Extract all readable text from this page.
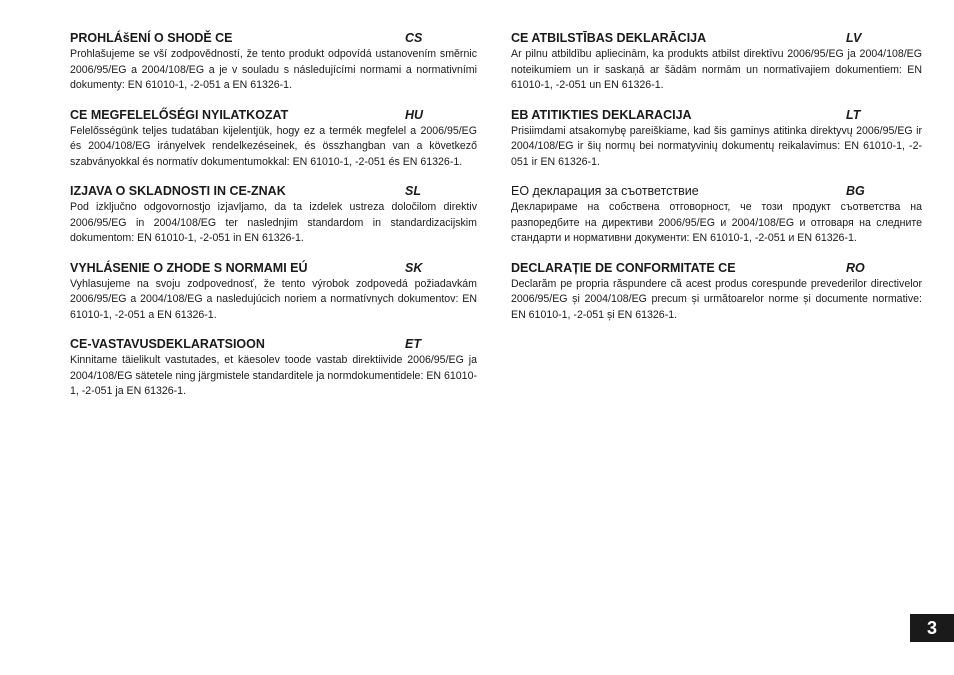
PROHLÁšENÍ O SHODĚ CE	CS

Prohlašujeme se vší zodpovědností, že tento produkt odpovídá ustanovením směrnic 2006/95/EG a 2004/108/EG a je v souladu s následujícími normami a normativními dokumenty: EN 61010-1, -2-051 a EN 61326-1.

CE MEGFELELŐSÉGI NYILATKOZAT	HU

Felelősségünk teljes tudatában kijelentjük, hogy ez a termék megfelel a 2006/95/EG és 2004/108/EG irányelvek rendelkezéseinek, és összhangban van a következő szabványokkal és normatív dokumentumokkal: EN 61010-1, -2-051 és EN 61326-1.

IZJAVA O SKLADNOSTI IN CE-ZNAK	SL

Pod izključno odgovornostjo izjavljamo, da ta izdelek ustreza določilom direktiv 2006/95/EG in 2004/108/EG ter naslednjim standardom in standardizacijskim dokumentom: EN 61010-1, -2-051 in EN 61326-1.

VYHLÁSENIE O ZHODE S NORMAMI EÚ	SK

Vyhlasujeme na svoju zodpovednosť, že tento výrobok zodpovedá požiadavkám 2006/95/EG a 2004/108/EG a nasledujúcich noriem a normatívnych dokumentov: EN 61010-1, -2-051 a EN 61326-1.

CE-VASTAVUSDEKLARATSIOON	ET

Kinnitame täielikult vastutades, et käesolev toode vastab direktiivide 2006/95/EG ja 2004/108/EG sätetele ning järgmistele standarditele ja normdokumentidele: EN 61010-1, -2-051 ja EN 61326-1.

CE ATBILSTĪBAS DEKLARĀCIJA	LV

Ar pilnu atbildību apliecinām, ka produkts atbilst direktīvu 2006/95/EG ja 2004/108/EG noteikumiem un ir saskaņā ar šādām normām un normatīvajiem dokumentiem: EN 61010-1, -2-051 un EN 61326-1.

EB ATITIKTIES DEKLARACIJA	LT

Prisiimdami atsakomybę pareiškiame, kad šis gaminys atitinka direktyvų 2006/95/EG ir 2004/108/EG ir šių normų bei normatyvinių dokumentų reikalavimus: EN 61010-1, -2-051 ir EN 61326-1.

ЕО декларация за съответствие	BG

Декларираме на собствена отговорност, че този продукт съответства на разпоредбите на директиви 2006/95/EG и 2004/108/EG и отговаря на следните стандарти и нормативни документи: EN 61010-1, -2-051 и EN 61326-1.

DECLARAȚIE DE CONFORMITATE CE	RO

Declarăm pe propria răspundere că acest produs corespunde prevederilor directivelor 2006/95/EG și 2004/108/EG precum și următoarelor norme și documente normative: EN 61010-1, -2-051 și EN 61326-1.

3
